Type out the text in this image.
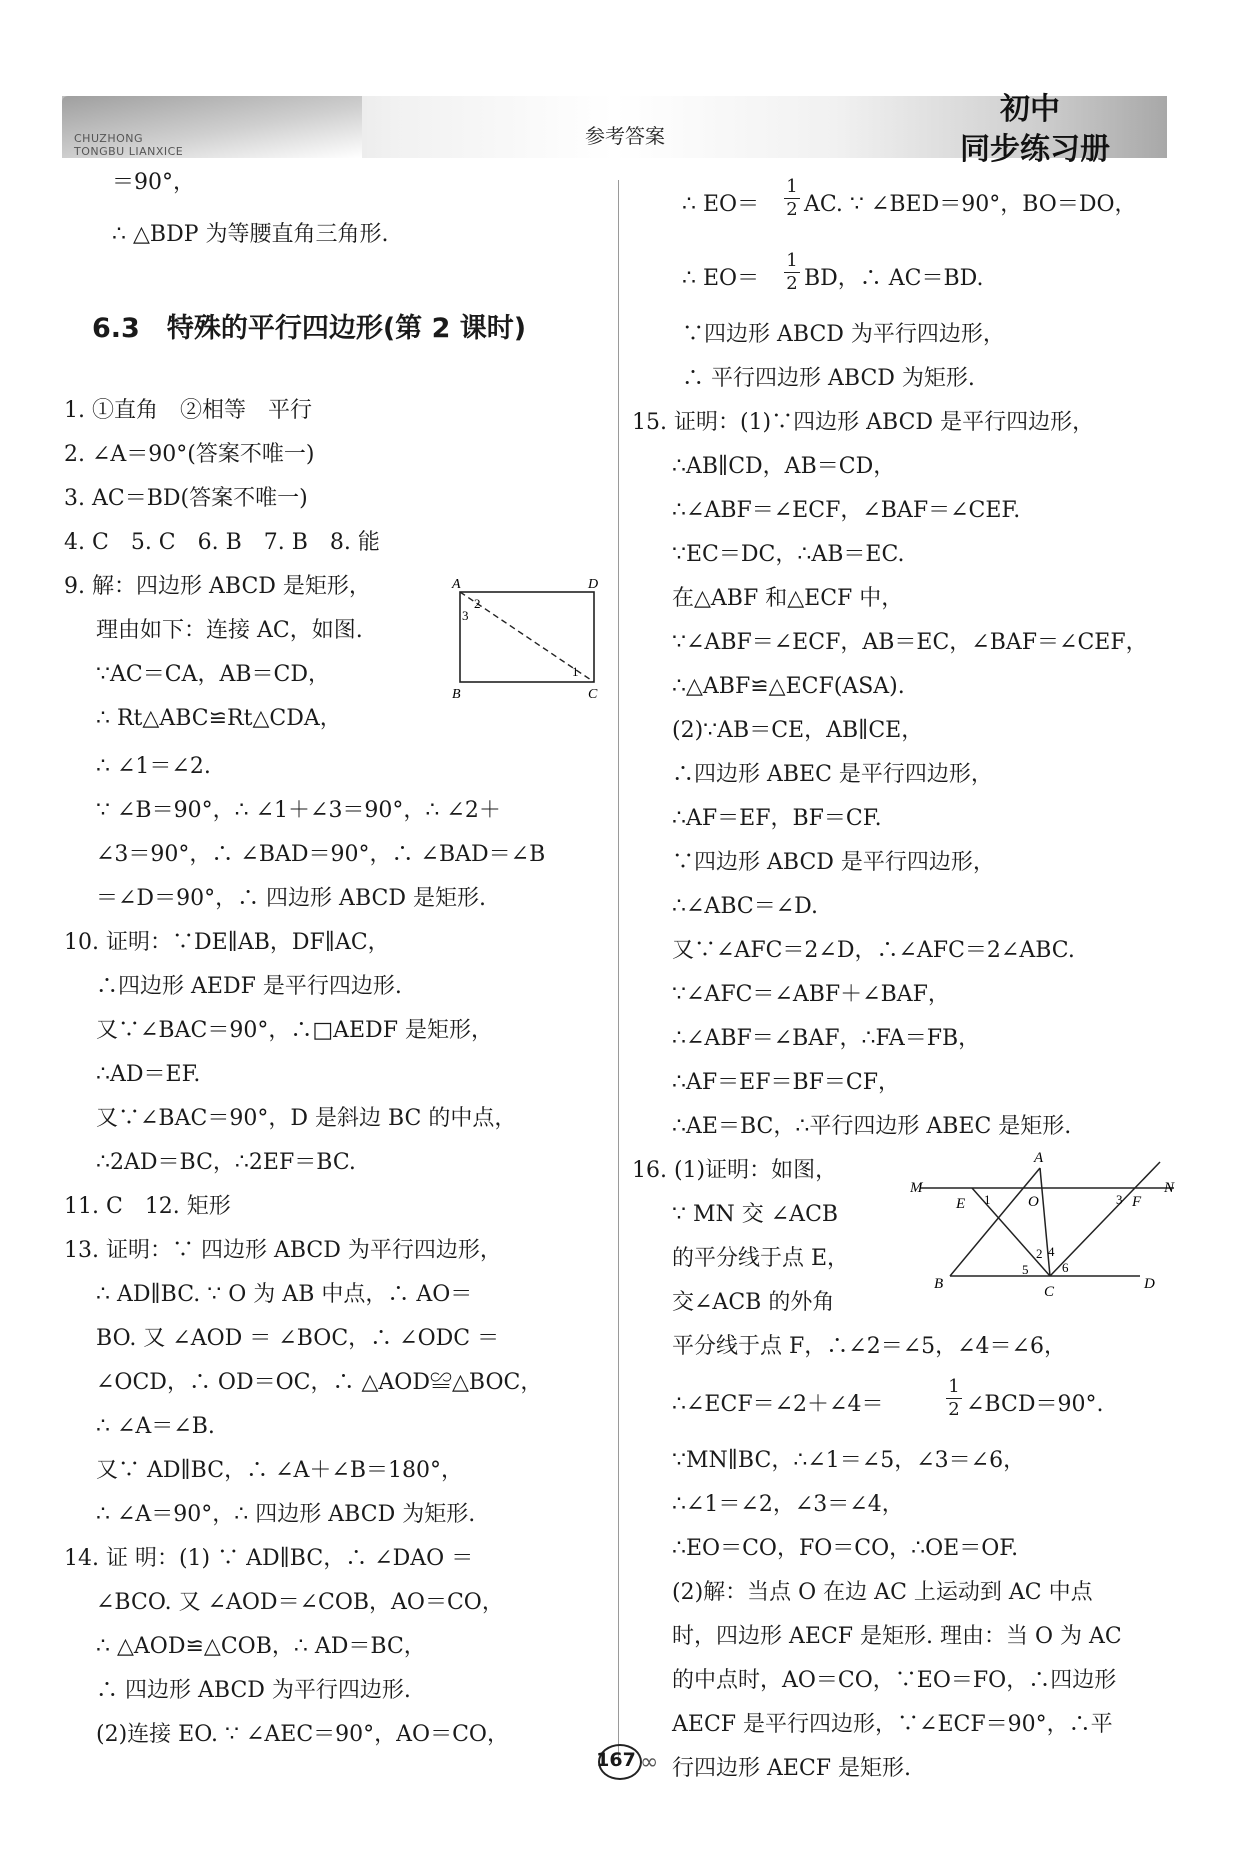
CHUZHONG
TONGBU LIANXICE
参考答案
初中
同步练习册
＝90°，
∴ △BDP 为等腰直角三角形.
6.3　特殊的平行四边形(第 2 课时)
1. ①直角　②相等　平行
2. ∠A＝90°(答案不唯一)
3. AC＝BD(答案不唯一)
4. C　5. C　6. B　7. B　8. 能
9. 解：四边形 ABCD 是矩形，
理由如下：连接 AC，如图.
∵AC＝CA，AB＝CD，
∴ Rt△ABC≌Rt△CDA，
∴ ∠1＝∠2.
∵ ∠B＝90°，∴ ∠1＋∠3＝90°，∴ ∠2＋
∠3＝90°，∴ ∠BAD＝90°，∴ ∠BAD＝∠B
＝∠D＝90°，∴ 四边形 ABCD 是矩形.
10. 证明：∵DE∥AB，DF∥AC，
∴四边形 AEDF 是平行四边形.
又∵∠BAC＝90°，∴□AEDF 是矩形，
∴AD＝EF.
又∵∠BAC＝90°，D 是斜边 BC 的中点，
∴2AD＝BC，∴2EF＝BC.
11. C　12. 矩形
13. 证明：∵ 四边形 ABCD 为平行四边形，
∴ AD∥BC. ∵ O 为 AB 中点，∴ AO＝
BO. 又 ∠AOD ＝ ∠BOC，∴ ∠ODC ＝
∠OCD，∴ OD＝OC，∴ △AOD≌△BOC，
∴ ∠A＝∠B.
又∵ AD∥BC，∴ ∠A＋∠B＝180°，
∴ ∠A＝90°，∴ 四边形 ABCD 为矩形.
14. 证 明：(1) ∵ AD∥BC，∴ ∠DAO ＝
∠BCO. 又 ∠AOD＝∠COB，AO＝CO，
∴ △AOD≌△COB，∴ AD＝BC，
∴ 四边形 ABCD 为平行四边形.
(2)连接 EO. ∵ ∠AEC＝90°，AO＝CO，
A	D
B	C
2
3
1
∴ EO＝
1
2 AC. ∵ ∠BED＝90°，BO＝DO，
∴ EO＝
1
2 BD，∴ AC＝BD.
∵四边形 ABCD 为平行四边形，
∴ 平行四边形 ABCD 为矩形.
15. 证明：(1)∵四边形 ABCD 是平行四边形，
∴AB∥CD，AB＝CD，
∴∠ABF＝∠ECF，∠BAF＝∠CEF.
∵EC＝DC，∴AB＝EC.
在△ABF 和△ECF 中，
∵∠ABF＝∠ECF，AB＝EC，∠BAF＝∠CEF，
∴△ABF≌△ECF(ASA).
(2)∵AB＝CE，AB∥CE，
∴四边形 ABEC 是平行四边形，
∴AF＝EF，BF＝CF.
∵四边形 ABCD 是平行四边形，
∴∠ABC＝∠D.
又∵∠AFC＝2∠D，∴∠AFC＝2∠ABC.
∵∠AFC＝∠ABF＋∠BAF，
∴∠ABF＝∠BAF，∴FA＝FB，
∴AF＝EF＝BF＝CF，
∴AE＝BC，∴平行四边形 ABEC 是矩形.
16. (1)证明：如图，
∵ MN 交 ∠ACB
的平分线于点 E，
交∠ACB 的外角
平分线于点 F，∴∠2＝∠5，∠4＝∠6，
∴∠ECF＝∠2＋∠4＝
1
2 ∠BCD＝90°.
∵MN∥BC，∴∠1＝∠5，∠3＝∠6，
∴∠1＝∠2，∠3＝∠4，
∴EO＝CO，FO＝CO，∴OE＝OF.
(2)解：当点 O 在边 AC 上运动到 AC 中点
时，四边形 AECF 是矩形. 理由：当 O 为 AC
的中点时，AO＝CO，∵EO＝FO，∴四边形
AECF 是平行四边形，∵∠ECF＝90°，∴平
行四边形 AECF 是矩形.
A
M	N
E	O	F
B	C	D
1	3
2 4
5	6
167 ∞
